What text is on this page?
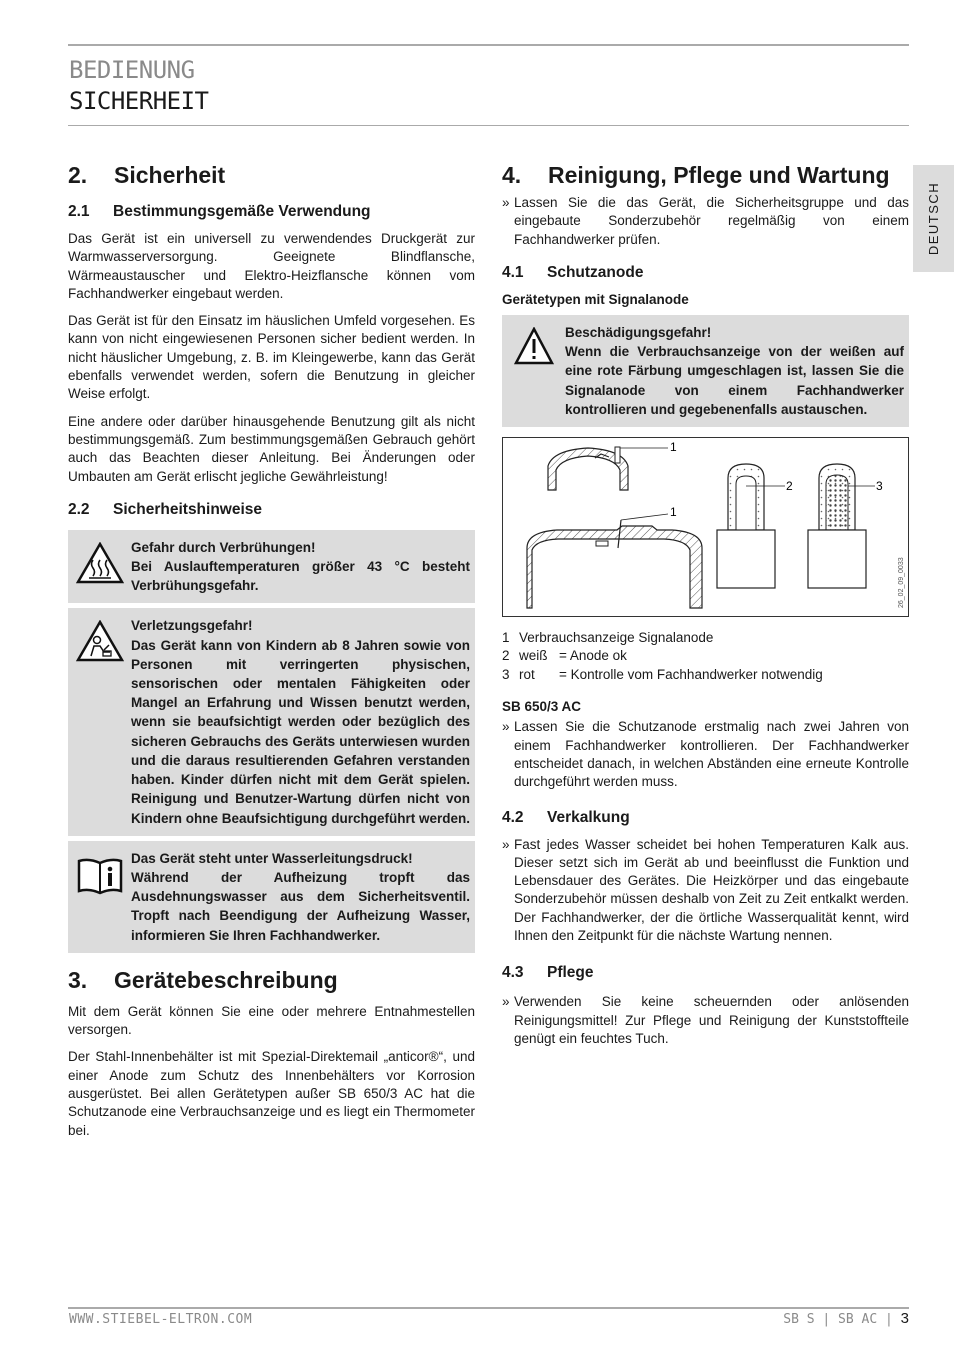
BEDIENUNG
SICHERHEIT
DEUTSCH
2. Sicherheit
2.1 Bestimmungsgemäße Verwendung

Das Gerät ist ein universell zu verwendendes Druckgerät zur Warmwasserversorgung. Geeignete Blindflansche, Wärmeaustauscher und Elektro-Heizflansche können vom Fachhandwerker eingebaut werden.

Das Gerät ist für den Einsatz im häuslichen Umfeld vorgesehen. Es kann von nicht eingewiesenen Personen sicher bedient werden. In nicht häuslicher Umgebung, z. B. im Kleingewerbe, kann das Gerät ebenfalls verwendet werden, sofern die Benutzung in gleicher Weise erfolgt.

Eine andere oder darüber hinausgehende Benutzung gilt als nicht bestimmungsgemäß. Zum bestimmungsgemäßen Gebrauch gehört auch das Beachten dieser Anleitung. Bei Änderungen oder Umbauten am Gerät erlischt jegliche Gewährleistung!

2.2 Sicherheitshinweise
Gefahr durch Verbrühungen!
Bei Auslauftemperaturen größer 43 °C besteht Verbrühungsgefahr.
Verletzungsgefahr!
Das Gerät kann von Kindern ab 8 Jahren sowie von Personen mit verringerten physischen, sensorischen oder mentalen Fähigkeiten oder Mangel an Erfahrung und Wissen benutzt werden, wenn sie beaufsichtigt werden oder bezüglich des sicheren Gebrauchs des Geräts unterwiesen wurden und die daraus resultierenden Gefahren verstanden haben. Kinder dürfen nicht mit dem Gerät spielen. Reinigung und Benutzer-Wartung dürfen nicht von Kindern ohne Beaufsichtigung durchgeführt werden.
Das Gerät steht unter Wasserleitungsdruck!
Während der Aufheizung tropft das Ausdehnungswasser aus dem Sicherheitsventil. Tropft nach Beendigung der Aufheizung Wasser, informieren Sie Ihren Fachhandwerker.
3. Gerätebeschreibung

Mit dem Gerät können Sie eine oder mehrere Entnahmestellen versorgen.

Der Stahl-Innenbehälter ist mit Spezial-Direktemail „anticor®“, und einer Anode zum Schutz des Innenbehälters vor Korrosion ausgerüstet. Bei allen Gerätetypen außer SB 650/3 AC hat die Schutzanode eine Verbrauchsanzeige und es liegt ein Thermometer bei.

4. Reinigung, Pflege und Wartung
» Lassen Sie die das Gerät, die Sicherheitsgruppe und das eingebaute Sonderzubehör regelmäßig von einem Fachhandwerker prüfen.
4.1 Schutzanode
Gerätetypen mit Signalanode
Beschädigungsgefahr!
Wenn die Verbrauchsanzeige von der weißen auf eine rote Färbung umgeschlagen ist, lassen Sie die Signalanode von einem Fachhandwerker kontrollieren und gegebenenfalls austauschen.
1
1
2	3
26_02_09_0033
1 Verbrauchsanzeige Signalanode
2 weiß = Anode ok
3 rot	= Kontrolle vom Fachhandwerker notwendig
SB 650/3 AC
» Lassen Sie die Schutzanode erstmalig nach zwei Jahren von einem Fachhandwerker kontrollieren. Der Fachhandwerker entscheidet danach, in welchen Abständen eine erneute Kontrolle durchgeführt werden muss.
4.2 Verkalkung
» Fast jedes Wasser scheidet bei hohen Temperaturen Kalk aus. Dieser setzt sich im Gerät ab und beeinflusst die Funktion und Lebensdauer des Gerätes. Die Heizkörper und das eingebaute Sonderzubehör müssen deshalb von Zeit zu Zeit entkalkt werden. Der Fachhandwerker, der die örtliche Wasserqualität kennt, wird Ihnen den Zeitpunkt für die nächste Wartung nennen.
4.3 Pflege
» Verwenden Sie keine scheuernden oder anlösenden Reinigungsmittel! Zur Pflege und Reinigung der Kunststoffteile genügt ein feuchtes Tuch.
WWW.STIEBEL-ELTRON.COM	SB S | SB AC | 3
